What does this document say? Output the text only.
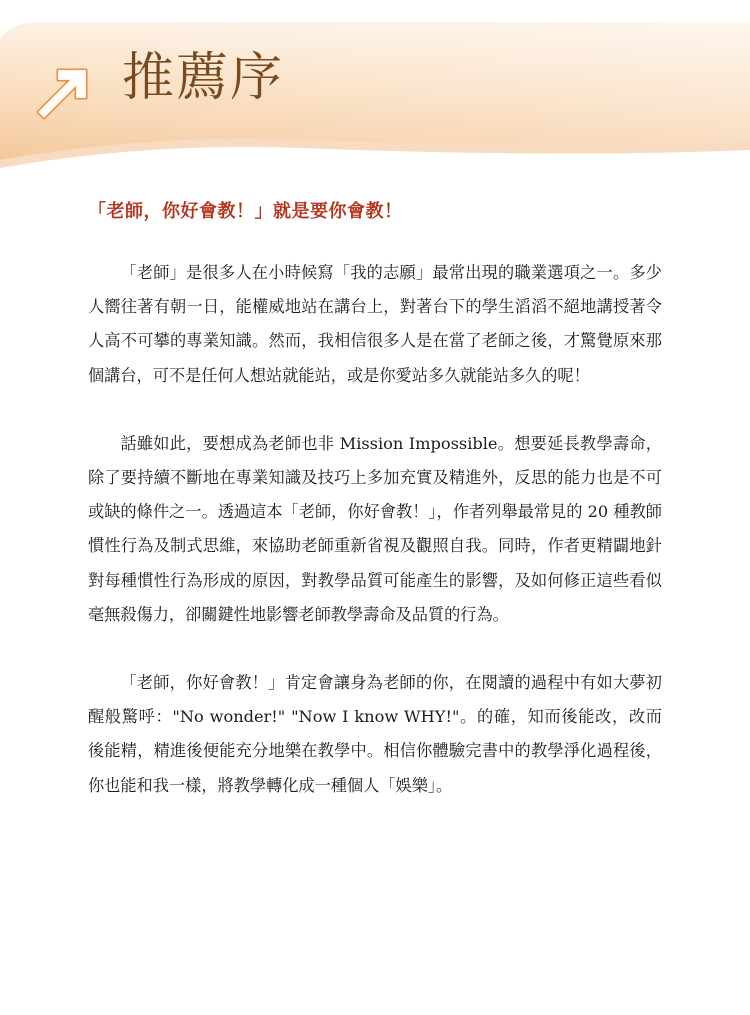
推薦序
「老師，你好會教！」就是要你會教！

「老師」是很多人在小時候寫「我的志願」最常出現的職業選項之一。多少人嚮往著有朝一日，能權威地站在講台上，對著台下的學生滔滔不絕地講授著令人高不可攀的專業知識。然而，我相信很多人是在當了老師之後，才驚覺原來那個講台，可不是任何人想站就能站，或是你愛站多久就能站多久的呢！

話雖如此，要想成為老師也非 Mission Impossible。想要延長教學壽命，除了要持續不斷地在專業知識及技巧上多加充實及精進外，反思的能力也是不可或缺的條件之一。透過這本「老師，你好會教！」，作者列舉最常見的 20 種教師慣性行為及制式思維，來協助老師重新省視及觀照自我。同時，作者更精闢地針對每種慣性行為形成的原因，對教學品質可能產生的影響，及如何修正這些看似毫無殺傷力，卻關鍵性地影響老師教學壽命及品質的行為。

「老師，你好會教！」肯定會讓身為老師的你，在閱讀的過程中有如大夢初醒般驚呼："No wonder!" "Now I know WHY!"。的確，知而後能改，改而後能精，精進後便能充分地樂在教學中。相信你體驗完書中的教學淨化過程後，你也能和我一樣，將教學轉化成一種個人「娛樂」。
